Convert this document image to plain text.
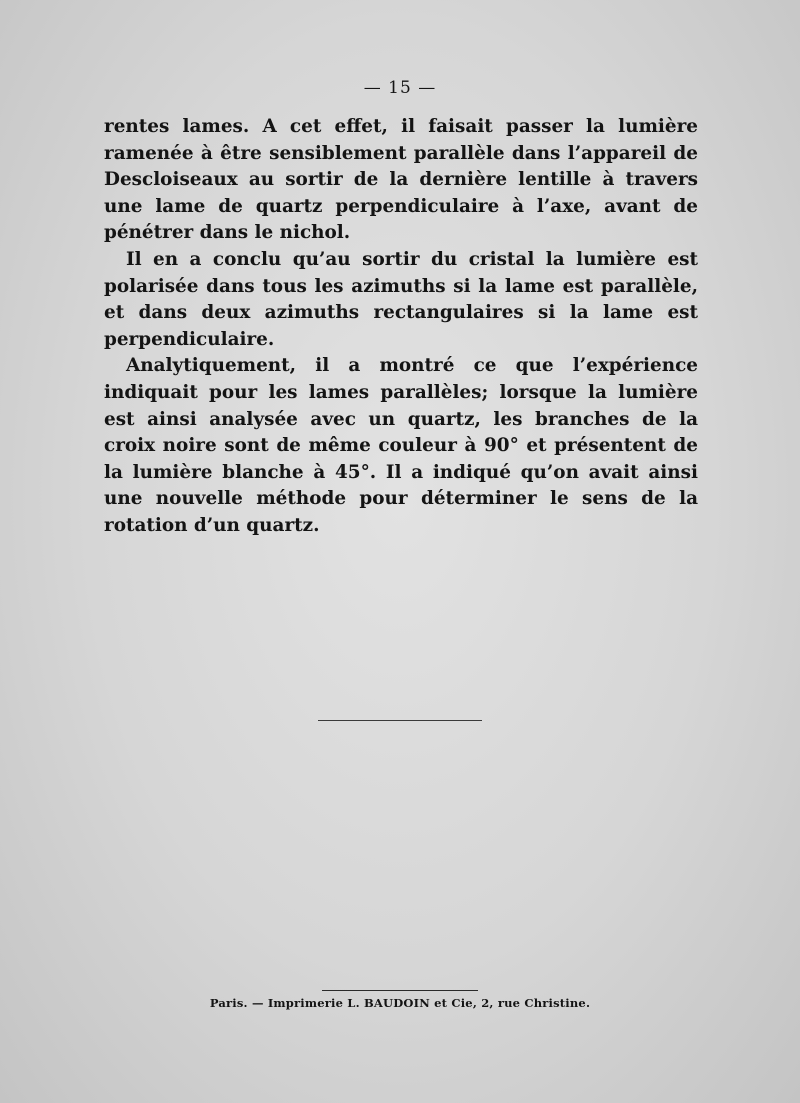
— 15 —

rentes lames. A cet effet, il faisait passer la lumière ramenée à être sensiblement parallèle dans l’appareil de Descloiseaux au sortir de la dernière lentille à travers une lame de quartz perpendiculaire à l’axe, avant de pénétrer dans le nichol.

Il en a conclu qu’au sortir du cristal la lumière est polarisée dans tous les azimuths si la lame est parallèle, et dans deux azimuths rectangulaires si la lame est perpendiculaire.

Analytiquement, il a montré ce que l’expérience indiquait pour les lames parallèles; lorsque la lumière est ainsi analysée avec un quartz, les branches de la croix noire sont de même couleur à 90° et présentent de la lumière blanche à 45°. Il a indiqué qu’on avait ainsi une nouvelle méthode pour déterminer le sens de la rotation d’un quartz.

Paris. — Imprimerie L. BAUDOIN et Cie, 2, rue Christine.
